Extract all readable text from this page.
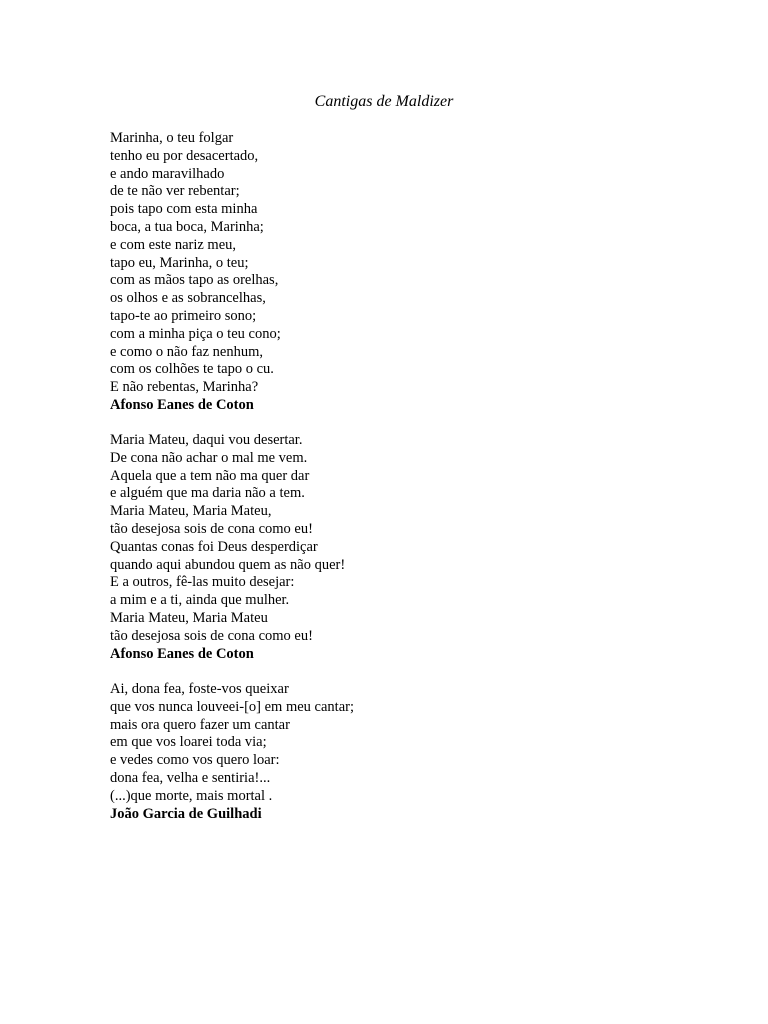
Cantigas de Maldizer
Marinha, o teu folgar
tenho eu por desacertado,
e ando maravilhado
de te não ver rebentar;
pois tapo com esta minha
boca, a tua boca, Marinha;
e com este nariz meu,
tapo eu, Marinha, o teu;
com as mãos tapo as orelhas,
os olhos e as sobrancelhas,
tapo-te ao primeiro sono;
com a minha piça o teu cono;
e como o não faz nenhum,
com os colhões te tapo o cu.
E não rebentas, Marinha?
Afonso Eanes de Coton
Maria Mateu, daqui vou desertar.
De cona não achar o mal me vem.
Aquela que a tem não ma quer dar
e alguém que ma daria não a tem.
Maria Mateu, Maria Mateu,
tão desejosa sois de cona como eu!
Quantas conas foi Deus desperdiçar
quando aqui abundou quem as não quer!
E a outros, fê-las muito desejar:
a mim e a ti, ainda que mulher.
Maria Mateu, Maria Mateu
tão desejosa sois de cona como eu!
Afonso Eanes de Coton
Ai, dona fea, foste-vos queixar
que vos nunca louveei-[o] em meu cantar;
mais ora quero fazer um cantar
em que vos loarei toda via;
e vedes como vos quero loar:
dona fea, velha e sentiria!...
(...)que morte, mais mortal .
João Garcia de Guilhadi
